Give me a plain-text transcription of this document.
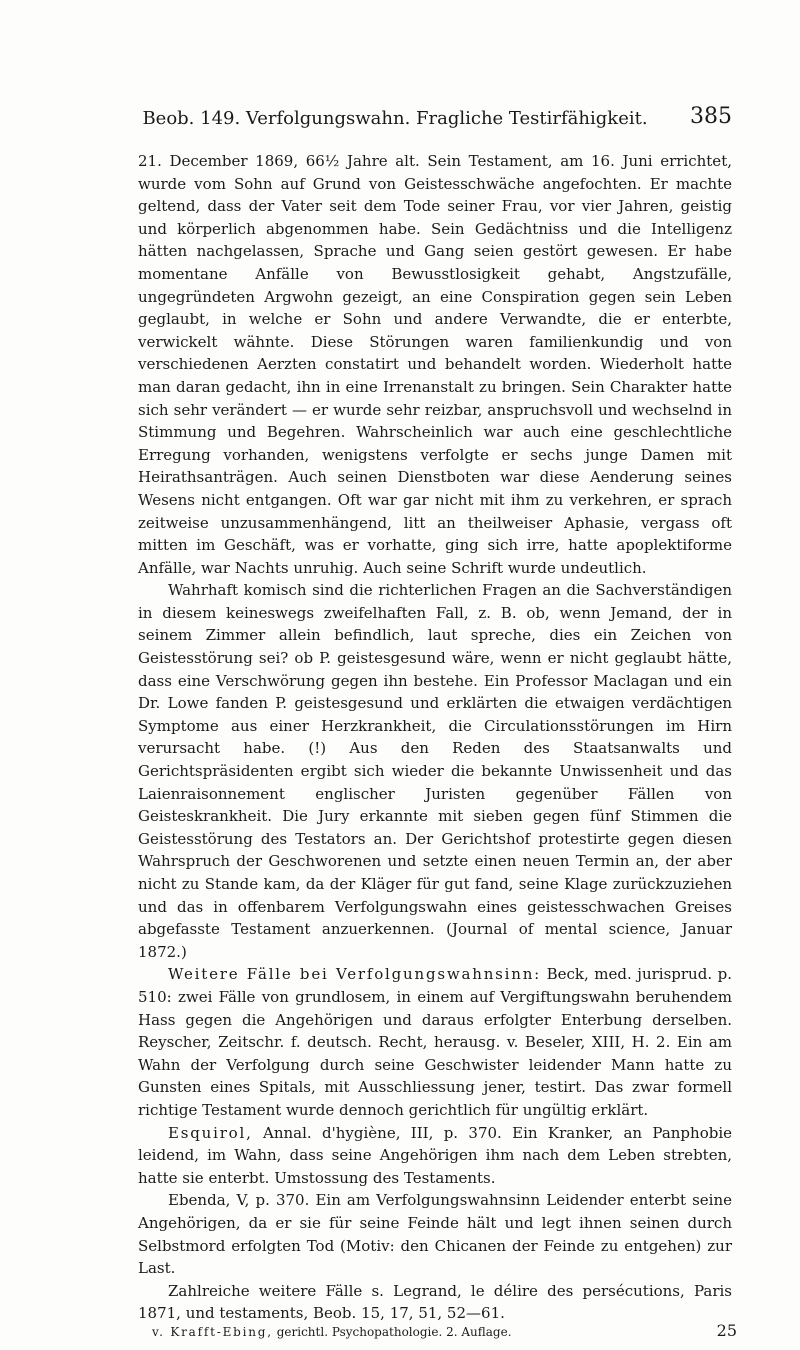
Beob. 149. Verfolgungswahn. Fragliche Testirfähigkeit. 385

21. December 1869, 66½ Jahre alt. Sein Testament, am 16. Juni errichtet, wurde vom Sohn auf Grund von Geistesschwäche angefochten. Er machte geltend, dass der Vater seit dem Tode seiner Frau, vor vier Jahren, geistig und körperlich abgenommen habe. Sein Gedächtniss und die Intelligenz hätten nachgelassen, Sprache und Gang seien gestört gewesen. Er habe momentane Anfälle von Bewusstlosigkeit gehabt, Angstzufälle, ungegründeten Argwohn gezeigt, an eine Conspiration gegen sein Leben geglaubt, in welche er Sohn und andere Verwandte, die er enterbte, verwickelt wähnte. Diese Störungen waren familienkundig und von verschiedenen Aerzten constatirt und behandelt worden. Wiederholt hatte man daran gedacht, ihn in eine Irrenanstalt zu bringen. Sein Charakter hatte sich sehr verändert — er wurde sehr reizbar, anspruchsvoll und wechselnd in Stimmung und Begehren. Wahrscheinlich war auch eine geschlechtliche Erregung vorhanden, wenigstens verfolgte er sechs junge Damen mit Heirathsanträgen. Auch seinen Dienstboten war diese Aenderung seines Wesens nicht entgangen. Oft war gar nicht mit ihm zu verkehren, er sprach zeitweise unzusammenhängend, litt an theilweiser Aphasie, vergass oft mitten im Geschäft, was er vorhatte, ging sich irre, hatte apoplektiforme Anfälle, war Nachts unruhig. Auch seine Schrift wurde undeutlich.

Wahrhaft komisch sind die richterlichen Fragen an die Sachverständigen in diesem keineswegs zweifelhaften Fall, z. B. ob, wenn Jemand, der in seinem Zimmer allein befindlich, laut spreche, dies ein Zeichen von Geistesstörung sei? ob P. geistesgesund wäre, wenn er nicht geglaubt hätte, dass eine Verschwörung gegen ihn bestehe. Ein Professor Maclagan und ein Dr. Lowe fanden P. geistesgesund und erklärten die etwaigen verdächtigen Symptome aus einer Herzkrankheit, die Circulationsstörungen im Hirn verursacht habe. (!) Aus den Reden des Staatsanwalts und Gerichtspräsidenten ergibt sich wieder die bekannte Unwissenheit und das Laienraisonnement englischer Juristen gegenüber Fällen von Geisteskrankheit. Die Jury erkannte mit sieben gegen fünf Stimmen die Geistesstörung des Testators an. Der Gerichtshof protestirte gegen diesen Wahrspruch der Geschworenen und setzte einen neuen Termin an, der aber nicht zu Stande kam, da der Kläger für gut fand, seine Klage zurückzuziehen und das in offenbarem Verfolgungswahn eines geistesschwachen Greises abgefasste Testament anzuerkennen. (Journal of mental science, Januar 1872.)

Weitere Fälle bei Verfolgungswahnsinn: Beck, med. jurisprud. p. 510: zwei Fälle von grundlosem, in einem auf Vergiftungswahn beruhendem Hass gegen die Angehörigen und daraus erfolgter Enterbung derselben. Reyscher, Zeitschr. f. deutsch. Recht, herausg. v. Beseler, XIII, H. 2. Ein am Wahn der Verfolgung durch seine Geschwister leidender Mann hatte zu Gunsten eines Spitals, mit Ausschliessung jener, testirt. Das zwar formell richtige Testament wurde dennoch gerichtlich für ungültig erklärt.

Esquirol, Annal. d'hygiène, III, p. 370. Ein Kranker, an Panphobie leidend, im Wahn, dass seine Angehörigen ihm nach dem Leben strebten, hatte sie enterbt. Umstossung des Testaments.

Ebenda, V, p. 370. Ein am Verfolgungswahnsinn Leidender enterbt seine Angehörigen, da er sie für seine Feinde hält und legt ihnen seinen durch Selbstmord erfolgten Tod (Motiv: den Chicanen der Feinde zu entgehen) zur Last.

Zahlreiche weitere Fälle s. Legrand, le délire des persécutions, Paris 1871, und testaments, Beob. 15, 17, 51, 52—61.

v. Krafft-Ebing, gerichtl. Psychopathologie. 2. Auflage.	25
